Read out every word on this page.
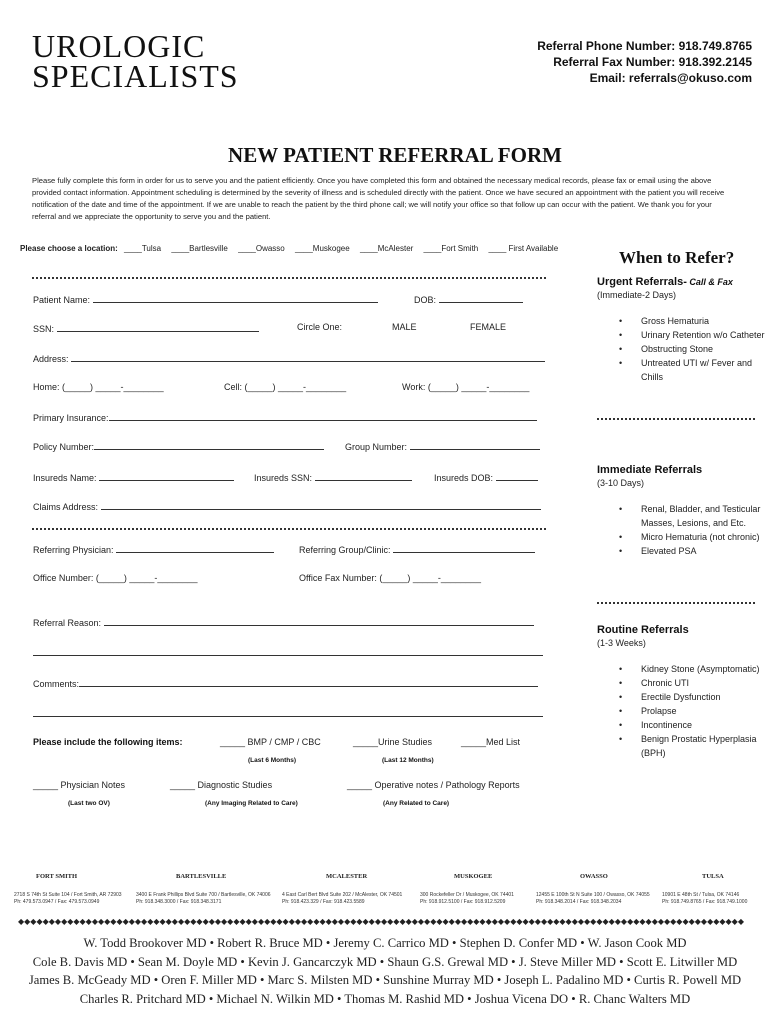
UROLOGIC
SPECIALISTS
Referral Phone Number: 918.749.8765
Referral Fax Number: 918.392.2145
Email: referrals@okuso.com
NEW PATIENT REFERRAL FORM
Please fully complete this form in order for us to serve you and the patient efficiently. Once you have completed this form and obtained the necessary medical records, please fax or email using the above provided contact information. Appointment scheduling is determined by the severity of illness and is scheduled directly with the patient. Once we have secured an appointment with the patient you will receive notification of the date and time of the appointment. If we are unable to reach the patient by the third phone call; we will notify your office so that follow up can occur with the patient. We thank you for your referral and we appreciate the opportunity to serve you and the patient.
Please choose a location: ____Tulsa ____Bartlesville ____Owasso ____Muskogee ____McAlester ____Fort Smith ____ First Available
Patient Name:	DOB:
SSN:	Circle One:	MALE	FEMALE
Address:
Home: (_____) _____-________	Cell: (_____) _____-________	Work: (_____) _____-________
Primary Insurance:
Policy Number:	Group Number:
Insureds Name:	Insureds SSN:	Insureds DOB:
Claims Address:
Referring Physician:	Referring Group/Clinic:
Office Number: (_____) _____-________	Office Fax Number: (_____) _____-________
Referral Reason:
Comments:
Please include the following items:	_____ BMP / CMP / CBC
(Last 6 Months)
_____Urine Studies
(Last 12 Months)
_____Med List
_____ Physician Notes
(Last two OV)
_____ Diagnostic Studies
(Any Imaging Related to Care)
_____ Operative notes / Pathology Reports
(Any Related to Care)
When to Refer?
Urgent Referrals- Call & Fax
(Immediate-2 Days)
• Gross Hematuria
• Urinary Retention w/o Catheter
• Obstructing Stone
• Untreated UTI w/ Fever and Chills
Immediate Referrals
(3-10 Days)
• Renal, Bladder, and Testicular Masses, Lesions, and Etc.
• Micro Hematuria (not chronic)
• Elevated PSA
Routine Referrals
(1-3 Weeks)
• Kidney Stone (Asymptomatic)
• Chronic UTI
• Erectile Dysfunction
• Prolapse
• Incontinence
• Benign Prostatic Hyperplasia (BPH)
FORT SMITH
2718 S 74th St Suite 104 / Fort Smith, AR 72903
Ph: 479.573.0947 / Fax: 479.573.0949
BARTLESVILLE
3400 E Frank Phillips Blvd Suite 700 / Bartlesville, OK 74006
Ph: 918.348.3000 / Fax: 918.348.3171
MCALESTER
4 East Carl Bert Blvd Suite 202 / McAlester, OK 74501
Ph: 918.423.329 / Fax: 918.423.5589
MUSKOGEE
300 Rockefeller Dr / Muskogee, OK 74401
Ph: 918.912.5100 / Fax: 918.912.5209
OWASSO
12455 E 100th St N Suite 100 / Owasso, OK 74055
Ph: 918.348.2014 / Fax: 918.348.2034
TULSA
10901 E 48th St / Tulsa, OK 74146
Ph: 918.749.8765 / Fax: 918.749.1000
◆◆◆◆◆◆◆◆◆◆◆◆◆◆◆◆◆◆◆◆◆◆◆◆◆◆◆◆◆◆◆◆◆◆◆◆◆◆◆◆◆◆◆◆◆◆◆◆◆◆◆◆◆◆◆◆◆◆◆◆◆◆◆◆◆◆◆◆◆◆◆◆◆◆◆◆◆◆◆◆◆◆◆◆◆◆◆◆◆◆◆◆◆◆◆◆◆◆◆◆◆◆◆◆◆◆◆◆◆◆◆◆◆◆◆◆◆◆
W. Todd Brookover MD • Robert R. Bruce MD • Jeremy C. Carrico MD • Stephen D. Confer MD • W. Jason Cook MD
Cole B. Davis MD • Sean M. Doyle MD • Kevin J. Gancarczyk MD • Shaun G.S. Grewal MD • J. Steve Miller MD • Scott E. Litwiller MD
James B. McGeady MD • Oren F. Miller MD • Marc S. Milsten MD • Sunshine Murray MD • Joseph L. Padalino MD • Curtis R. Powell MD
Charles R. Pritchard MD • Michael N. Wilkin MD • Thomas M. Rashid MD • Joshua Vicena DO • R. Chanc Walters MD
